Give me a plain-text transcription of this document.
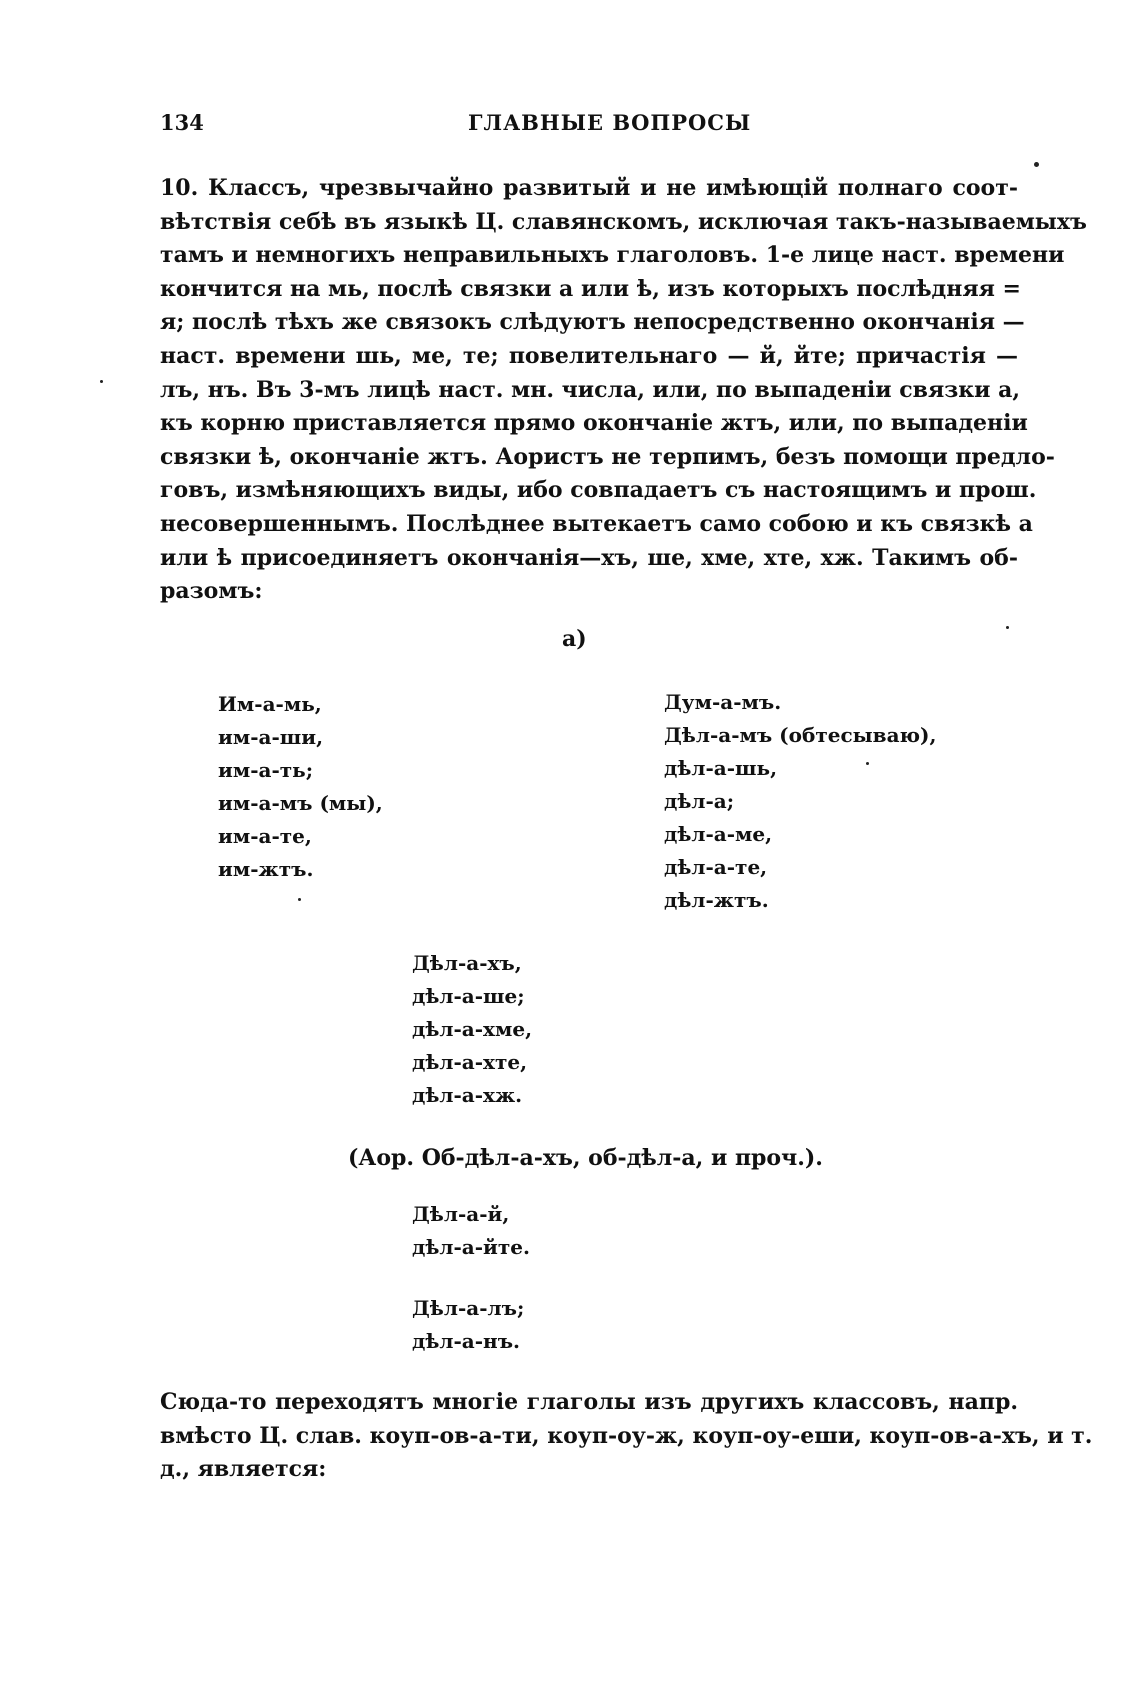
134	ГЛАВНЫЕ ВОПРОСЫ
10. Классъ, чрезвычайно развитый и не имѣющій полнаго соот-
вѣтствія себѣ въ языкѣ Ц. славянскомъ, исключая такъ-называемыхъ
тамъ и немногихъ неправильныхъ глаголовъ. 1-е лице наст. времени
кончится на мь, послѣ связки а или ѣ, изъ которыхъ послѣдняя =
я; послѣ тѣхъ же связокъ слѣдуютъ непосредственно окончанія —
наст. времени шь, ме, те; повелительнаго — й, йте; причастія —
лъ, нъ. Въ 3-мъ лицѣ наст. мн. числа, или, по выпаденіи связки а,
къ корню приставляется прямо окончаніе жтъ, или, по выпаденіи
связки ѣ, окончаніе жтъ. Аористъ не терпимъ, безъ помощи предло-
говъ, измѣняющихъ виды, ибо совпадаетъ съ настоящимъ и прош.
несовершеннымъ. Послѣднее вытекаетъ само собою и къ связкѣ а
или ѣ присоединяетъ окончанія—хъ, ше, хме, хте, хж. Такимъ об-
разомъ:
а)
Им-а-мь,
им-а-ши,
им-а-ть;
им-а-мъ (мы),
им-а-те,
им-жтъ.
Дум-а-мъ.
Дѣл-а-мъ (обтесываю),
дѣл-а-шь,
дѣл-а;
дѣл-а-ме,
дѣл-а-те,
дѣл-жтъ.
Дѣл-а-хъ,
дѣл-а-ше;
дѣл-а-хме,
дѣл-а-хте,
дѣл-а-хж.
(Аор. Об-дѣл-а-хъ, об-дѣл-а, и проч.).
Дѣл-а-й,
дѣл-а-йте.
Дѣл-а-лъ;
дѣл-а-нъ.
Сюда-то переходятъ многіе глаголы изъ другихъ классовъ, напр.
вмѣсто Ц. слав. коуп-ов-а-ти, коуп-оу-ж, коуп-оу-еши, коуп-ов-а-хъ, и т.
д., является:
